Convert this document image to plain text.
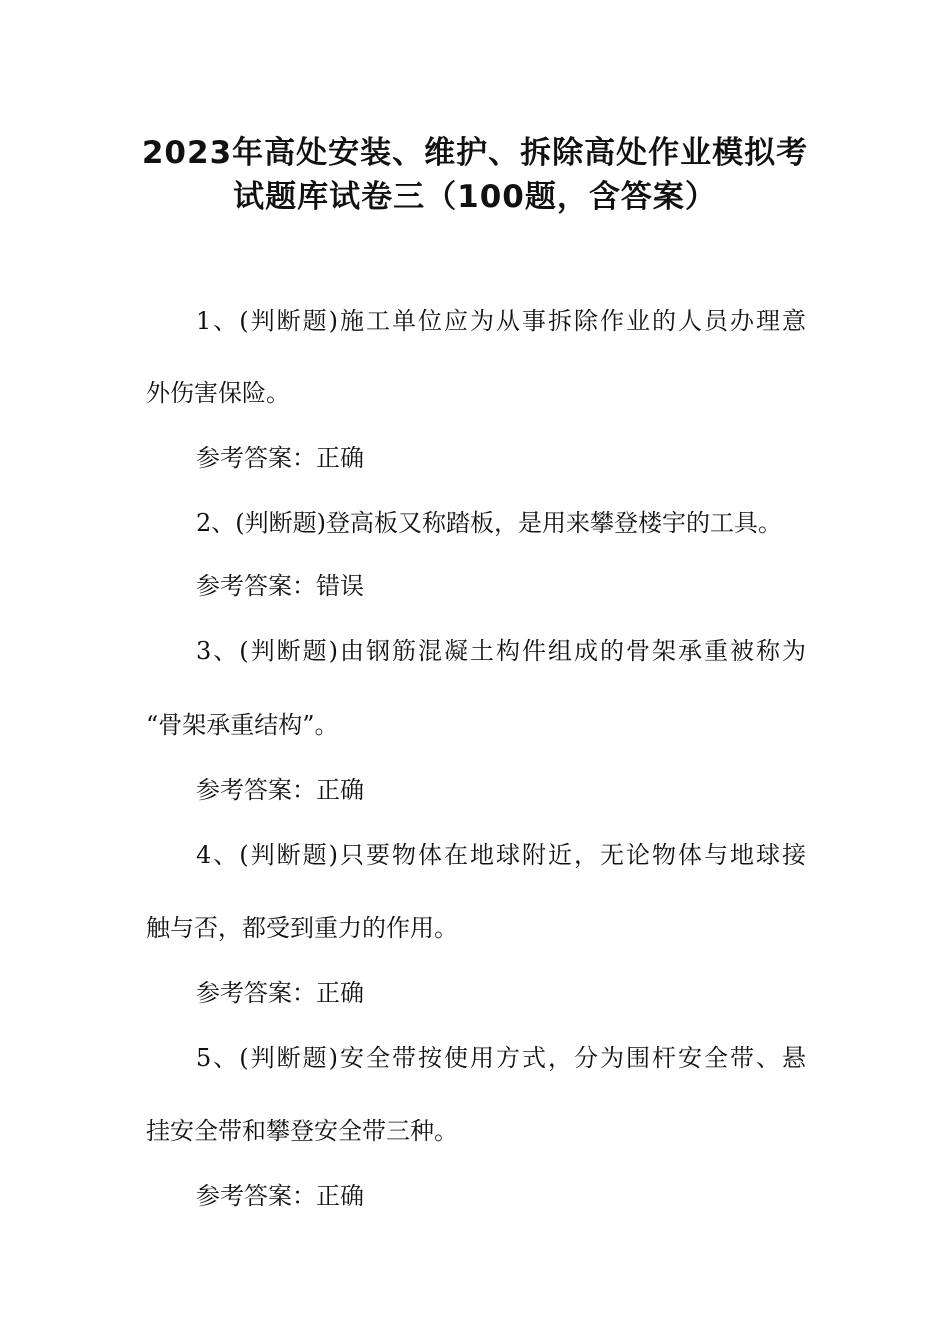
2023年高处安装、维护、拆除高处作业模拟考
试题库试卷三（100题，含答案）

1、(判断题)施工单位应为从事拆除作业的人员办理意

外伤害保险。

参考答案：正确

2、(判断题)登高板又称踏板，是用来攀登楼宇的工具。

参考答案：错误

3、(判断题)由钢筋混凝土构件组成的骨架承重被称为

“骨架承重结构”。

参考答案：正确

4、(判断题)只要物体在地球附近，无论物体与地球接

触与否，都受到重力的作用。

参考答案：正确

5、(判断题)安全带按使用方式，分为围杆安全带、悬

挂安全带和攀登安全带三种。

参考答案：正确
